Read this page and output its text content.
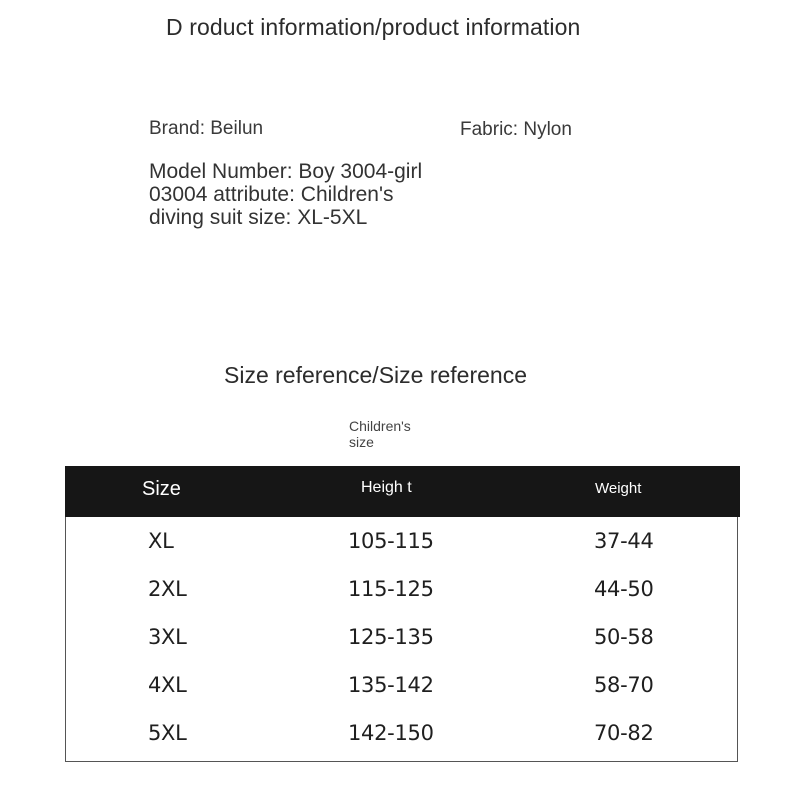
D roduct information/product information
Brand: Beilun	Fabric: Nylon
Model Number: Boy 3004-girl
03004 attribute: Children's
diving suit size: XL-5XL
Size reference/Size reference
Children's size
Size	Heigh t	Weight
XL	105-115	37-44
2XL	115-125	44-50
3XL	125-135	50-58
4XL	135-142	58-70
5XL	142-150	70-82
